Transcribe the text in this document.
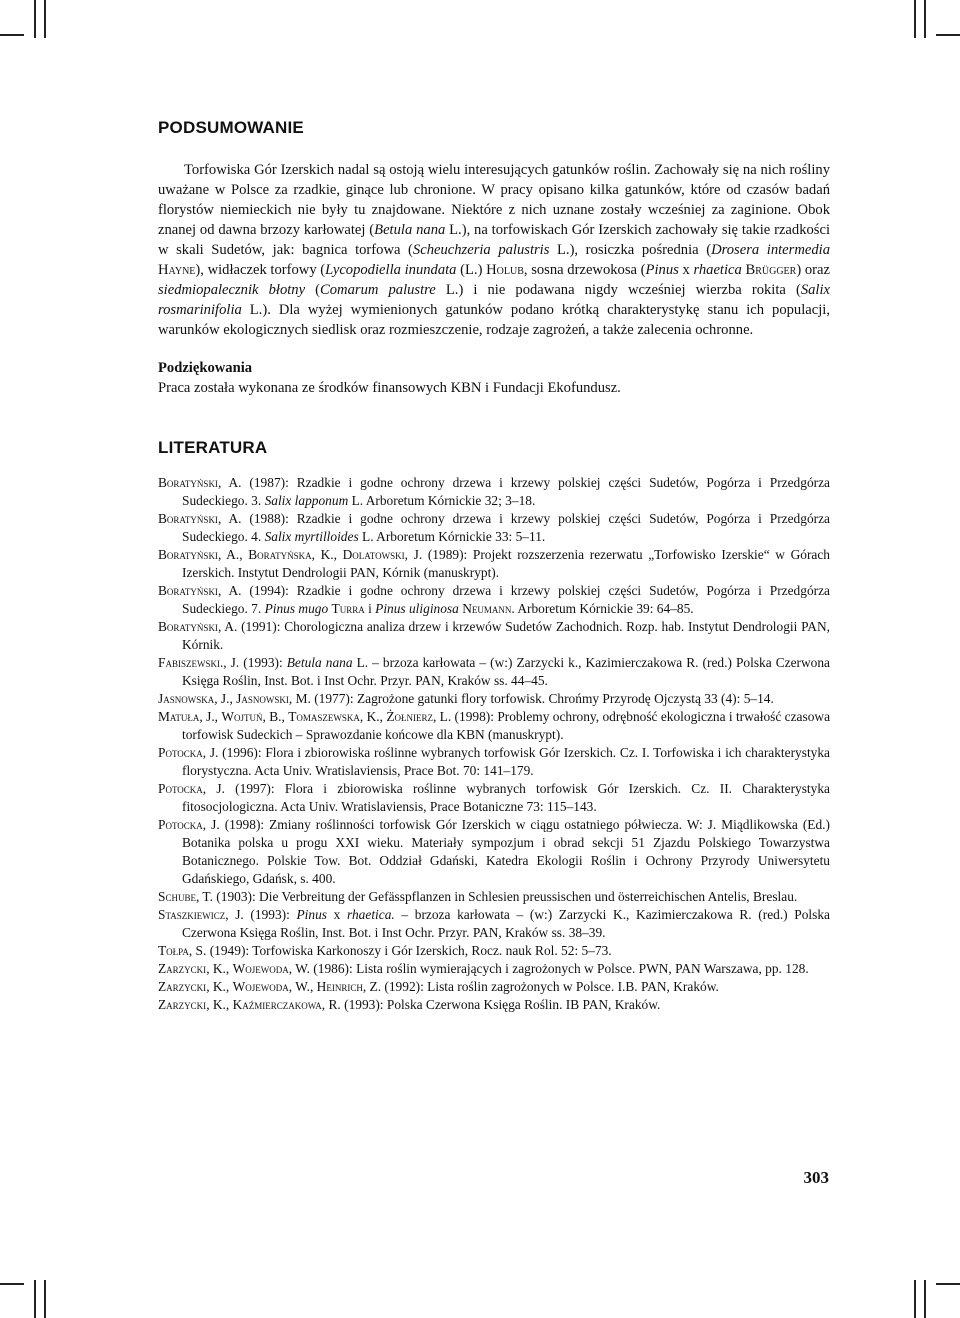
PODSUMOWANIE

Torfowiska Gór Izerskich nadal są ostoją wielu interesujących gatunków roślin. Zachowały się na nich rośliny uważane w Polsce za rzadkie, ginące lub chronione. W pracy opisano kilka gatunków, które od czasów badań florystów niemieckich nie były tu znajdowane. Niektóre z nich uznane zostały wcześniej za zaginione. Obok znanej od dawna brzozy karłowatej (Betula nana L.), na torfowiskach Gór Izerskich zachowały się takie rzadkości w skali Sudetów, jak: bagnica torfowa (Scheuchzeria palustris L.), rosiczka pośrednia (Drosera intermedia Hayne), widłaczek torfowy (Lycopodiella inundata (L.) Holub, sosna drzewokosa (Pinus x rhaetica Brügger) oraz siedmiopalecznik błotny (Comarum palustre L.) i nie podawana nigdy wcześniej wierzba rokita (Salix rosmarinifolia L.). Dla wyżej wymienionych gatunków podano krótką charakterystykę stanu ich populacji, warunków ekologicznych siedlisk oraz rozmieszczenie, rodzaje zagrożeń, a także zalecenia ochronne.

Podziękowania

Praca została wykonana ze środków finansowych KBN i Fundacji Ekofundusz.

LITERATURA
Boratyński, A. (1987): Rzadkie i godne ochrony drzewa i krzewy polskiej części Sudetów, Pogórza i Przedgórza Sudeckiego. 3. Salix lapponum L. Arboretum Kórnickie 32; 3–18.
Boratyński, A. (1988): Rzadkie i godne ochrony drzewa i krzewy polskiej części Sudetów, Pogórza i Przedgórza Sudeckiego. 4. Salix myrtilloides L. Arboretum Kórnickie 33: 5–11.
Boratyński, A., Boratyńska, K., Dolatowski, J. (1989): Projekt rozszerzenia rezerwatu „Torfowisko Izerskie“ w Górach Izerskich. Instytut Dendrologii PAN, Kórnik (manuskrypt).
Boratyński, A. (1994): Rzadkie i godne ochrony drzewa i krzewy polskiej części Sudetów, Pogórza i Przedgórza Sudeckiego. 7. Pinus mugo Turra i Pinus uliginosa Neumann. Arboretum Kórnickie 39: 64–85.
Boratyński, A. (1991): Chorologiczna analiza drzew i krzewów Sudetów Zachodnich. Rozp. hab. Instytut Dendrologii PAN, Kórnik.
Fabiszewski., J. (1993): Betula nana L. – brzoza karłowata – (w:) Zarzycki k., Kazimierczakowa R. (red.) Polska Czerwona Księga Roślin, Inst. Bot. i Inst Ochr. Przyr. PAN, Kraków ss. 44–45.
Jasnowska, J., Jasnowski, M. (1977): Zagrożone gatunki flory torfowisk. Chrońmy Przyrodę Ojczystą 33 (4): 5–14.
Matuła, J., Wojtuń, B., Tomaszewska, K., Żołnierz, L. (1998): Problemy ochrony, odrębność ekologiczna i trwałość czasowa torfowisk Sudeckich – Sprawozdanie końcowe dla KBN (manuskrypt).
Potocka, J. (1996): Flora i zbiorowiska roślinne wybranych torfowisk Gór Izerskich. Cz. I. Torfowiska i ich charakterystyka florystyczna. Acta Univ. Wratislaviensis, Prace Bot. 70: 141–179.
Potocka, J. (1997): Flora i zbiorowiska roślinne wybranych torfowisk Gór Izerskich. Cz. II. Charakterystyka fitosocjologiczna. Acta Univ. Wratislaviensis, Prace Botaniczne 73: 115–143.
Potocka, J. (1998): Zmiany roślinności torfowisk Gór Izerskich w ciągu ostatniego półwiecza. W: J. Miądlikowska (Ed.) Botanika polska u progu XXI wieku. Materiały sympozjum i obrad sekcji 51 Zjazdu Polskiego Towarzystwa Botanicznego. Polskie Tow. Bot. Oddział Gdański, Katedra Ekologii Roślin i Ochrony Przyrody Uniwersytetu Gdańskiego, Gdańsk, s. 400.
Schube, T. (1903): Die Verbreitung der Gefässpflanzen in Schlesien preussischen und österreichischen Antelis, Breslau.
Staszkiewicz, J. (1993): Pinus x rhaetica. – brzoza karłowata – (w:) Zarzycki K., Kazimierczakowa R. (red.) Polska Czerwona Księga Roślin, Inst. Bot. i Inst Ochr. Przyr. PAN, Kraków ss. 38–39.
Tołpa, S. (1949): Torfowiska Karkonoszy i Gór Izerskich, Rocz. nauk Rol. 52: 5–73.
Zarzycki, K., Wojewoda, W. (1986): Lista roślin wymierających i zagrożonych w Polsce. PWN, PAN Warszawa, pp. 128.
Zarzycki, K., Wojewoda, W., Heinrich, Z. (1992): Lista roślin zagrożonych w Polsce. I.B. PAN, Kraków.
Zarzycki, K., Kaźmierczakowa, R. (1993): Polska Czerwona Księga Roślin. IB PAN, Kraków.
303
